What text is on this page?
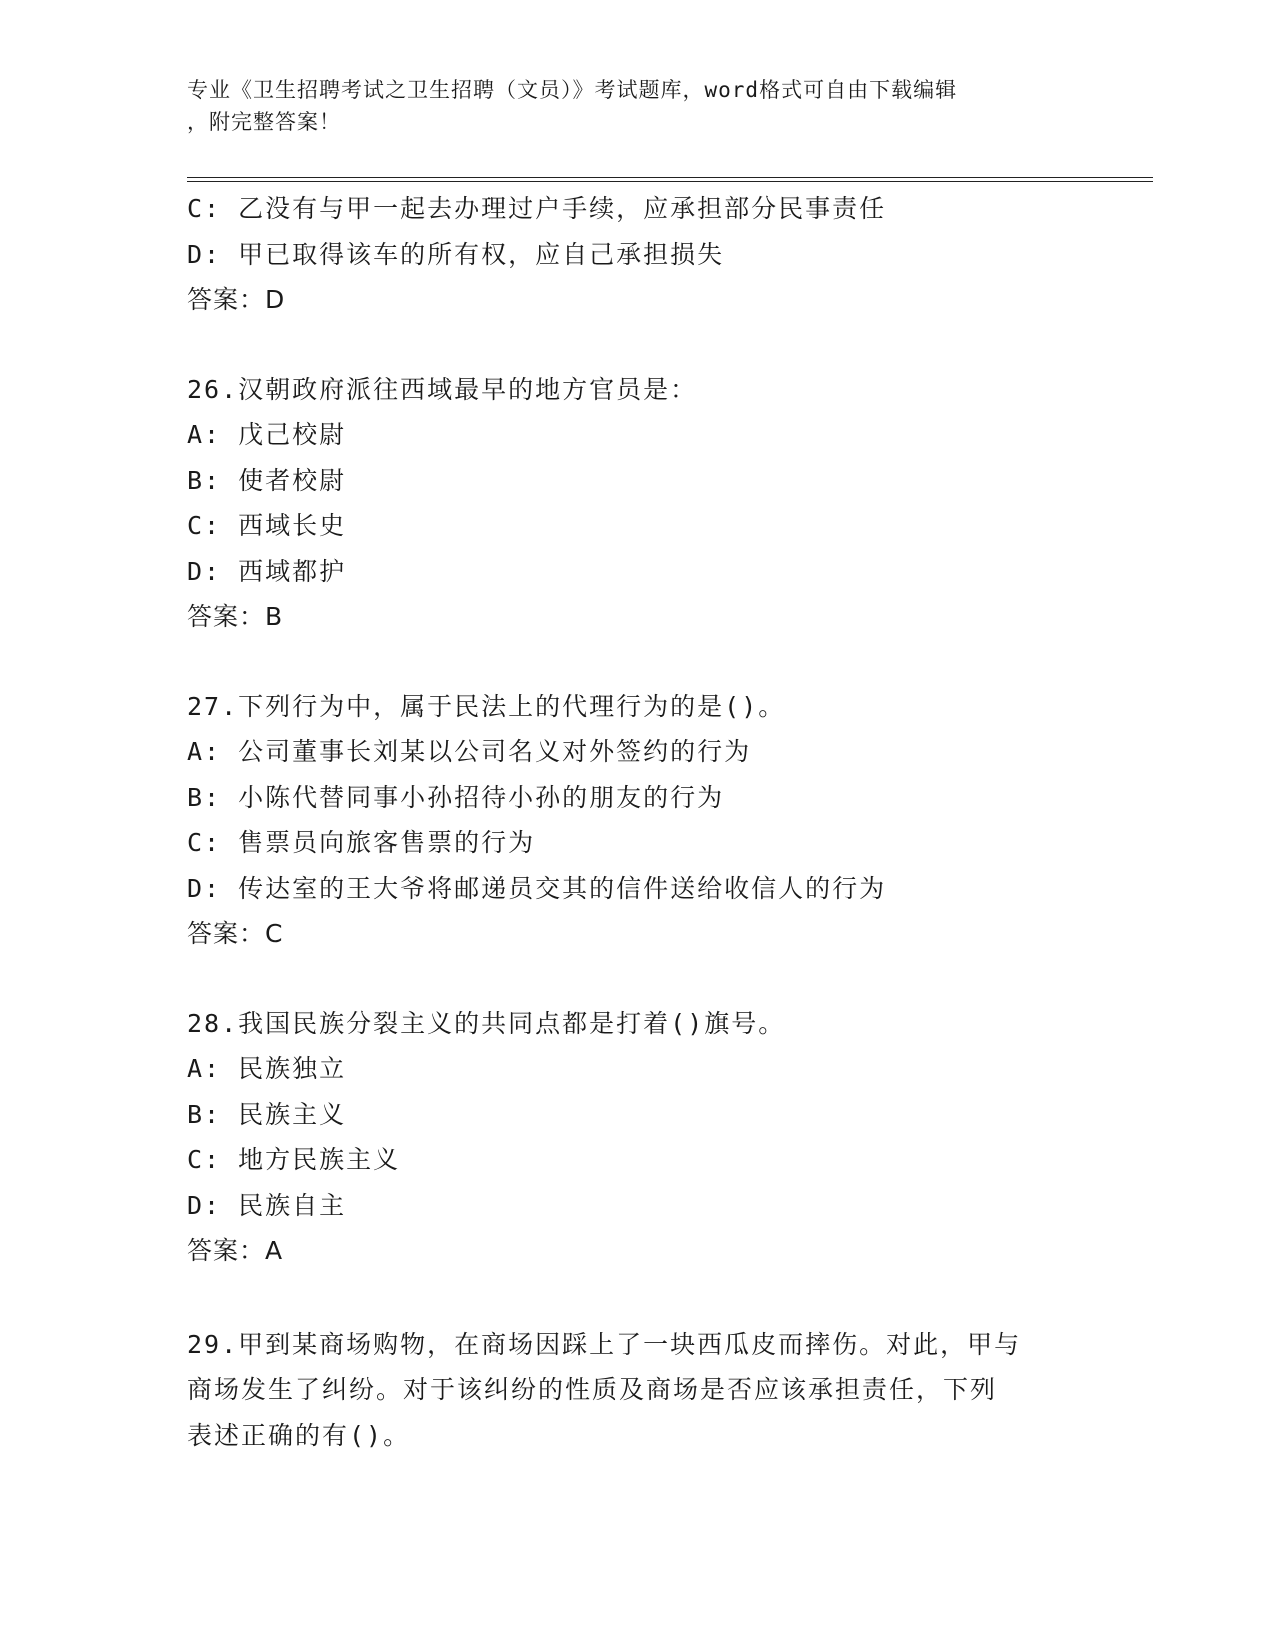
专业《卫生招聘考试之卫生招聘（文员）》考试题库，word格式可自由下载编辑
，附完整答案！
C: 乙没有与甲一起去办理过户手续，应承担部分民事责任
D: 甲已取得该车的所有权，应自己承担损失
答案：D
26.汉朝政府派往西域最早的地方官员是：
A: 戊己校尉
B: 使者校尉
C: 西域长史
D: 西域都护
答案：B
27.下列行为中，属于民法上的代理行为的是()。
A: 公司董事长刘某以公司名义对外签约的行为
B: 小陈代替同事小孙招待小孙的朋友的行为
C: 售票员向旅客售票的行为
D: 传达室的王大爷将邮递员交其的信件送给收信人的行为
答案：C
28.我国民族分裂主义的共同点都是打着()旗号。
A: 民族独立
B: 民族主义
C: 地方民族主义
D: 民族自主
答案：A
29.甲到某商场购物，在商场因踩上了一块西瓜皮而摔伤。对此，甲与
商场发生了纠纷。对于该纠纷的性质及商场是否应该承担责任，下列
表述正确的有()。
